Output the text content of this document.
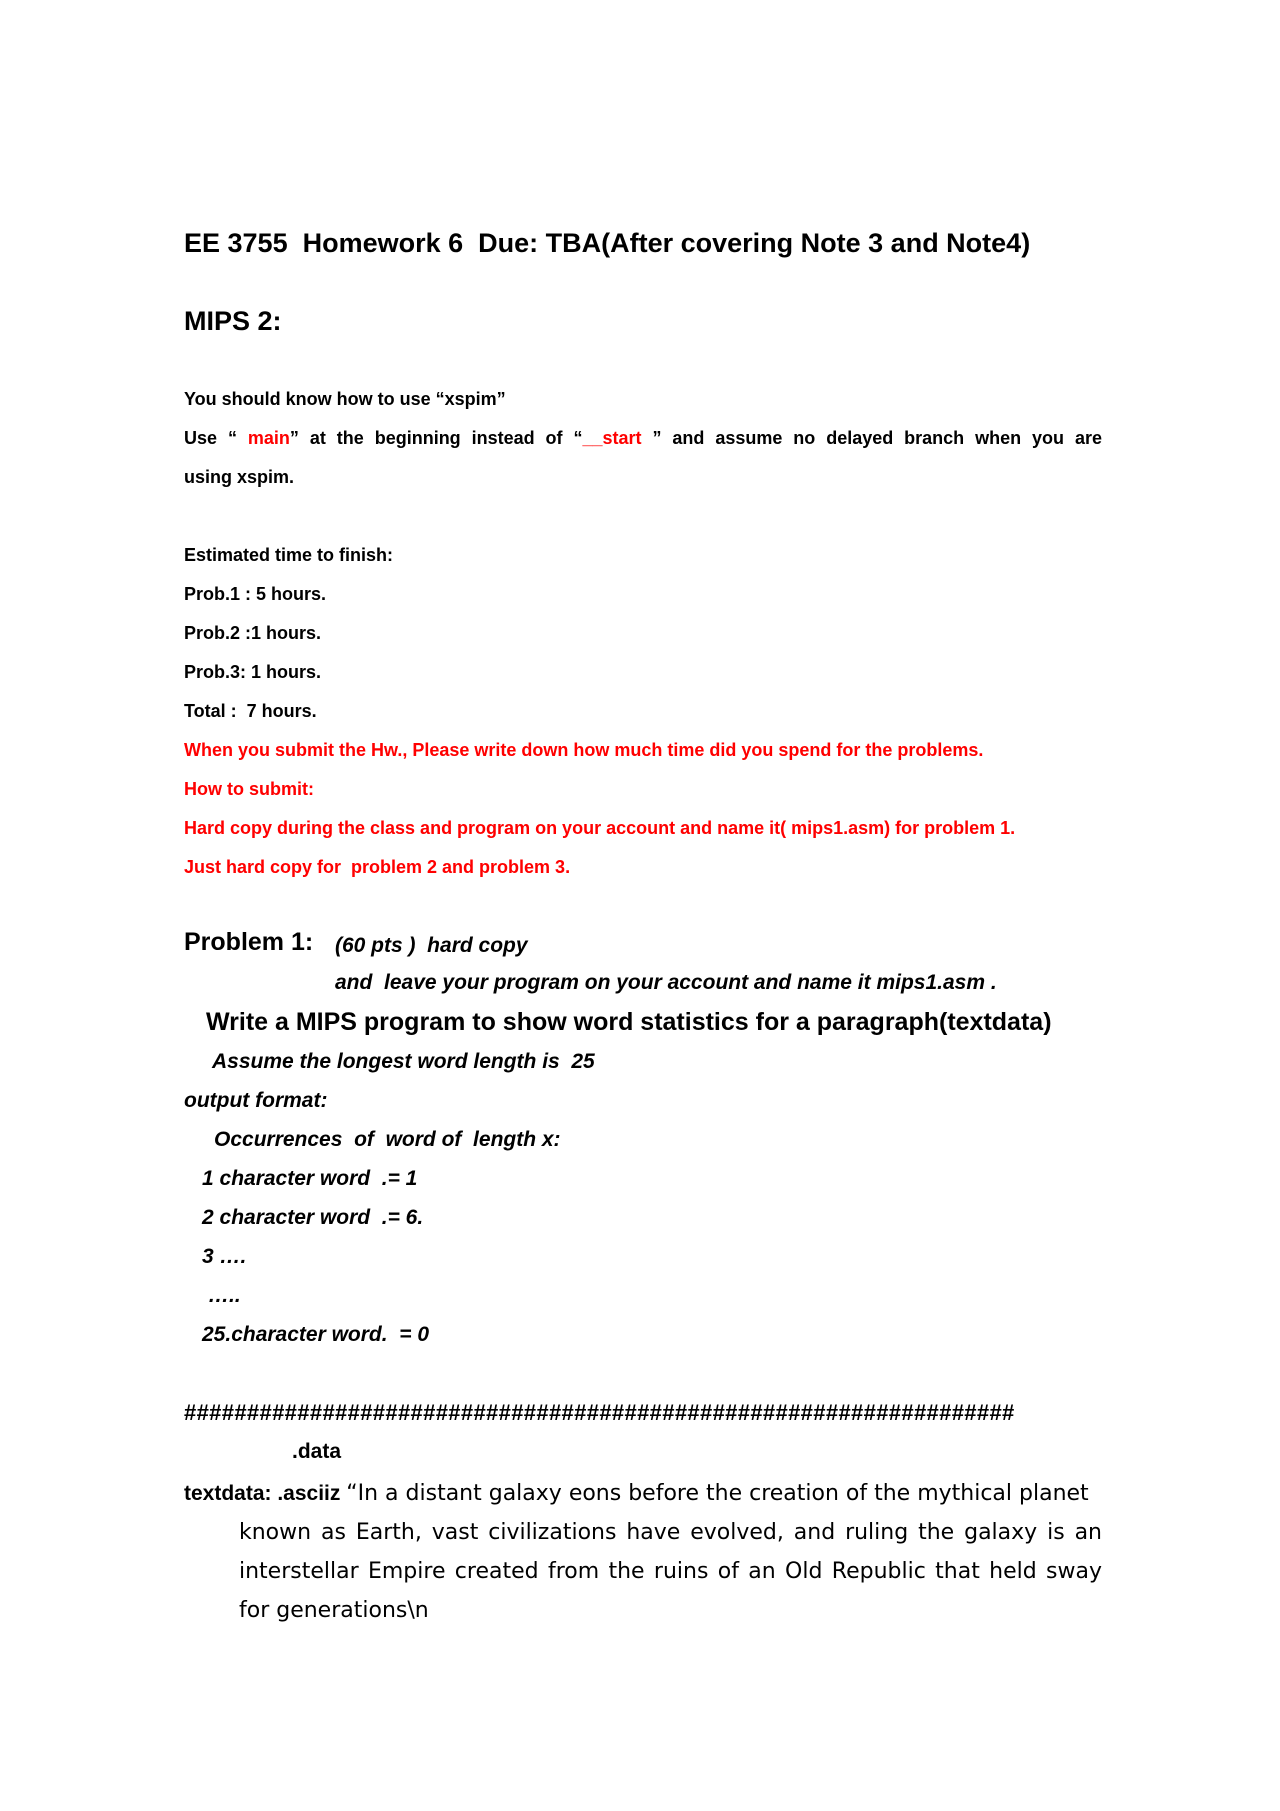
EE 3755  Homework 6  Due: TBA(After covering Note 3 and Note4)
MIPS 2:
You should know how to use “xspim”
Use “ main” at the beginning instead of “__start ” and assume no delayed branch when you are
using xspim.
Estimated time to finish:
Prob.1 : 5 hours.
Prob.2 :1 hours.
Prob.3: 1 hours.
Total :  7 hours.
When you submit the Hw., Please write down how much time did you spend for the problems.
How to submit:
Hard copy during the class and program on your account and name it( mips1.asm) for problem 1.
Just hard copy for  problem 2 and problem 3.
Problem 1: (60 pts )  hard copy
and  leave your program on your account and name it mips1.asm .
Write a MIPS program to show word statistics for a paragraph(textdata)
Assume the longest word length is  25
output format:
Occurrences  of  word of  length x:
1 character word  .= 1
2 character word  .= 6.
3 ….
…..
25.character word.  = 0
##################################################################
.data
textdata: .asciiz “In a distant galaxy eons before the creation of the mythical planet
known as Earth, vast civilizations have evolved, and ruling the galaxy is an interstellar Empire created from the ruins of an Old Republic that held sway for generations\n
